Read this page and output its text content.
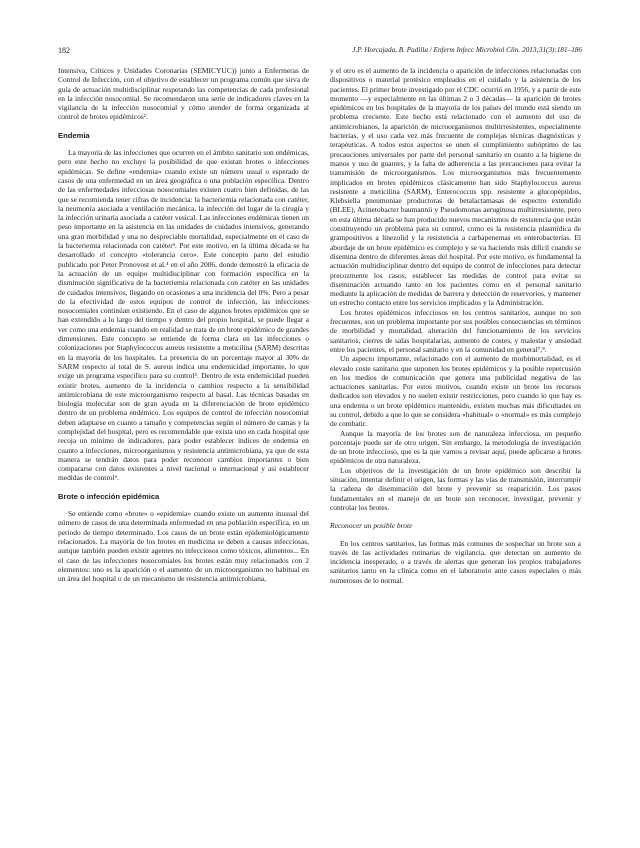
182	J.P. Horcajada, B. Padilla / Enferm Infecc Microbiol Clin. 2013;31(3):181–186

Intensiva, Críticos y Unidades Coronarias (SEMICYUC)) junto a Enfermeras de Control de Infección, con el objetivo de establecer un programa común que sirva de guía de actuación multidisciplinar respetando las competencias de cada profesional en la infección nosocomial. Se recomendaron una serie de indicadores claves en la vigilancia de la infección nosocomial y cómo atender de forma organizada al control de brotes epidémicos².

Endemia

La mayoría de las infecciones que ocurren en el ámbito sanitario son endémicas, pero este hecho no excluye la posibilidad de que existan brotes o infecciones epidémicas. Se define «endemia» cuando existe un número usual o esperado de casos de una enfermedad en un área geográfica o una población específica. Dentro de las enfermedades infecciosas nosocomiales existen cuatro bien definidas, de las que se recomienda tener cifras de incidencia: la bacteriemia relacionada con catéter, la neumonía asociada a ventilación mecánica, la infección del lugar de la cirugía y la infección urinaria asociada a catéter vesical. Las infecciones endémicas tienen un peso importante en la asistencia en las unidades de cuidados intensivos, generando una gran morbilidad y una no despreciable mortalidad, especialmente en el caso de la bacteriemia relacionada con catéter³. Por este motivo, en la última década se ha desarrollado el concepto «tolerancia cero». Este concepto parte del estudio publicado por Peter Pronovost et al.⁴ en el año 2006, donde demostró la eficacia de la actuación de un equipo multidisciplinar con formación específica en la disminución significativa de la bacteriemia relacionada con catéter en las unidades de cuidados intensivos, llegando en ocasiones a una incidencia del 0%. Pero a pesar de la efectividad de estos equipos de control de infección, las infecciones nosocomiales continúan existiendo. En el caso de algunos brotes epidémicos que se han extendido a lo largo del tiempo y dentro del propio hospital, se puede llegar a ver como una endemia cuando en realidad se trata de un brote epidémico de grandes dimensiones. Este concepto se entiende de forma clara en las infecciones o colonizaciones por Staphylococcus aureus resistente a meticilina (SARM) descritas en la mayoría de los hospitales. La presencia de un porcentaje mayor al 30% de SARM respecto al total de S. aureus indica una endemicidad importante, lo que exige un programa específico para su control⁵. Dentro de esta endemicidad pueden existir brotes, aumento de la incidencia o cambios respecto a la sensibilidad antimicrobiana de este microorganismo respecto al basal. Las técnicas basadas en biología molecular son de gran ayuda en la diferenciación de brote epidémico dentro de un problema endémico. Los equipos de control de infección nosocomial deben adaptarse en cuanto a tamaño y competencias según el número de camas y la complejidad del hospital, pero es recomendable que exista uno en cada hospital que recoja un mínimo de indicadores, para poder establecer índices de endemia en cuanto a infecciones, microorganismos y resistencia antimicrobiana, ya que de esta manera se tendrán datos para poder reconocer cambios importantes o bien compararse con datos existentes a nivel nacional o internacional y así establecer medidas de control⁶.

Brote o infección epidémica

Se entiende como «brote» o «epidemia» cuando existe un aumento inusual del número de casos de una determinada enfermedad en una población específica, en un período de tiempo determinado. Los casos de un brote están epidemiológicamente relacionados. La mayoría de los brotes en medicina se deben a causas infecciosas, aunque también pueden existir agentes no infecciosos como tóxicos, alimentos... En el caso de las infecciones nosocomiales los brotes están muy relacionados con 2 elementos: uno es la aparición o el aumento de un microorganismo no habitual en un área del hospital o de un mecanismo de resistencia antimicrobiana,

y el otro es el aumento de la incidencia o aparición de infecciones relacionadas con dispositivos o material protésico empleados en el cuidado y la asistencia de los pacientes. El primer brote investigado por el CDC ocurrió en 1956, y a partir de este momento —y especialmente en las últimas 2 o 3 décadas— la aparición de brotes epidémicos en los hospitales de la mayoría de los países del mundo está siendo un problema creciente. Este hecho está relacionado con el aumento del uso de antimicrobianos, la aparición de microorganismos multirresistentes, especialmente bacterias, y el uso cada vez más frecuente de complejas técnicas diagnósticas y terapéuticas. A todos estos aspectos se unen el cumplimiento subóptimo de las precauciones universales por parte del personal sanitario en cuanto a la higiene de manos y uso de guantes, y la falta de adherencia a las precauciones para evitar la transmisión de microorganismos. Los microorganismos más frecuentemente implicados en brotes epidémicos clásicamente han sido Staphylococcus aureus resistente a meticilina (SARM), Enterococcus spp. resistente a glucopéptidos, Klebsiella pneumoniae productoras de betalactamasas de espectro extendido (BLEE), Acinetobacter baumannii y Pseudomonas aeruginosa multirresistente, pero en esta última década se han producido nuevos mecanismos de resistencia que están constituyendo un problema para su control, como es la resistencia plasmídica de grampositivos a linezolid y la resistencia a carbapenemas en enterobacterias. El abordaje de un brote epidémico es complejo y se va haciendo más difícil cuando se disemina dentro de diferentes áreas del hospital. Por este motivo, es fundamental la actuación multidisciplinar dentro del equipo de control de infecciones para detectar precozmente los casos, establecer las medidas de control para evitar su diseminación actuando tanto en los pacientes como en el personal sanitario mediante la aplicación de medidas de barrera y detección de reservorios, y mantener un estrecho contacto entre los servicios implicados y la Administración.

Los brotes epidémicos infecciosos en los centros sanitarios, aunque no son frecuentes, son un problema importante por sus posibles consecuencias en términos de morbilidad y mortalidad, alteración del funcionamiento de los servicios sanitarios, cierres de salas hospitalarias, aumento de costes, y malestar y ansiedad entre los pacientes, el personal sanitario y en la comunidad en general⁷,⁸.

Un aspecto importante, relacionado con el aumento de morbimortalidad, es el elevado coste sanitario que suponen los brotes epidémicos y la posible repercusión en los medios de comunicación que genera una publicidad negativa de las actuaciones sanitarias. Por estos motivos, cuando existe un brote los recursos dedicados son elevados y no suelen existir restricciones, pero cuando lo que hay es una endemia o un brote epidémico mantenido, existen muchas más dificultades en su control, debido a que lo que se considera «habitual» o «normal» es más complejo de combatir.

Aunque la mayoría de los brotes son de naturaleza infecciosa, un pequeño porcentaje puede ser de otro origen. Sin embargo, la metodología de investigación de un brote infeccioso, que es la que vamos a revisar aquí, puede aplicarse a brotes epidémicos de otra naturaleza.

Los objetivos de la investigación de un brote epidémico son describir la situación, intentar definir el origen, las formas y las vías de transmisión, interrumpir la cadena de diseminación del brote y prevenir su reaparición. Los pasos fundamentales en el manejo de un brote son reconocer, investigar, prevenir y controlar los brotes.

Reconocer un posible brote

En los centros sanitarios, las formas más comunes de sospechar un brote son a través de las actividades rutinarias de vigilancia, que detectan un aumento de incidencia inesperado, o a través de alertas que generan los propios trabajadores sanitarios tanto en la clínica como en el laboratorio ante casos especiales o más numerosos de lo normal.
